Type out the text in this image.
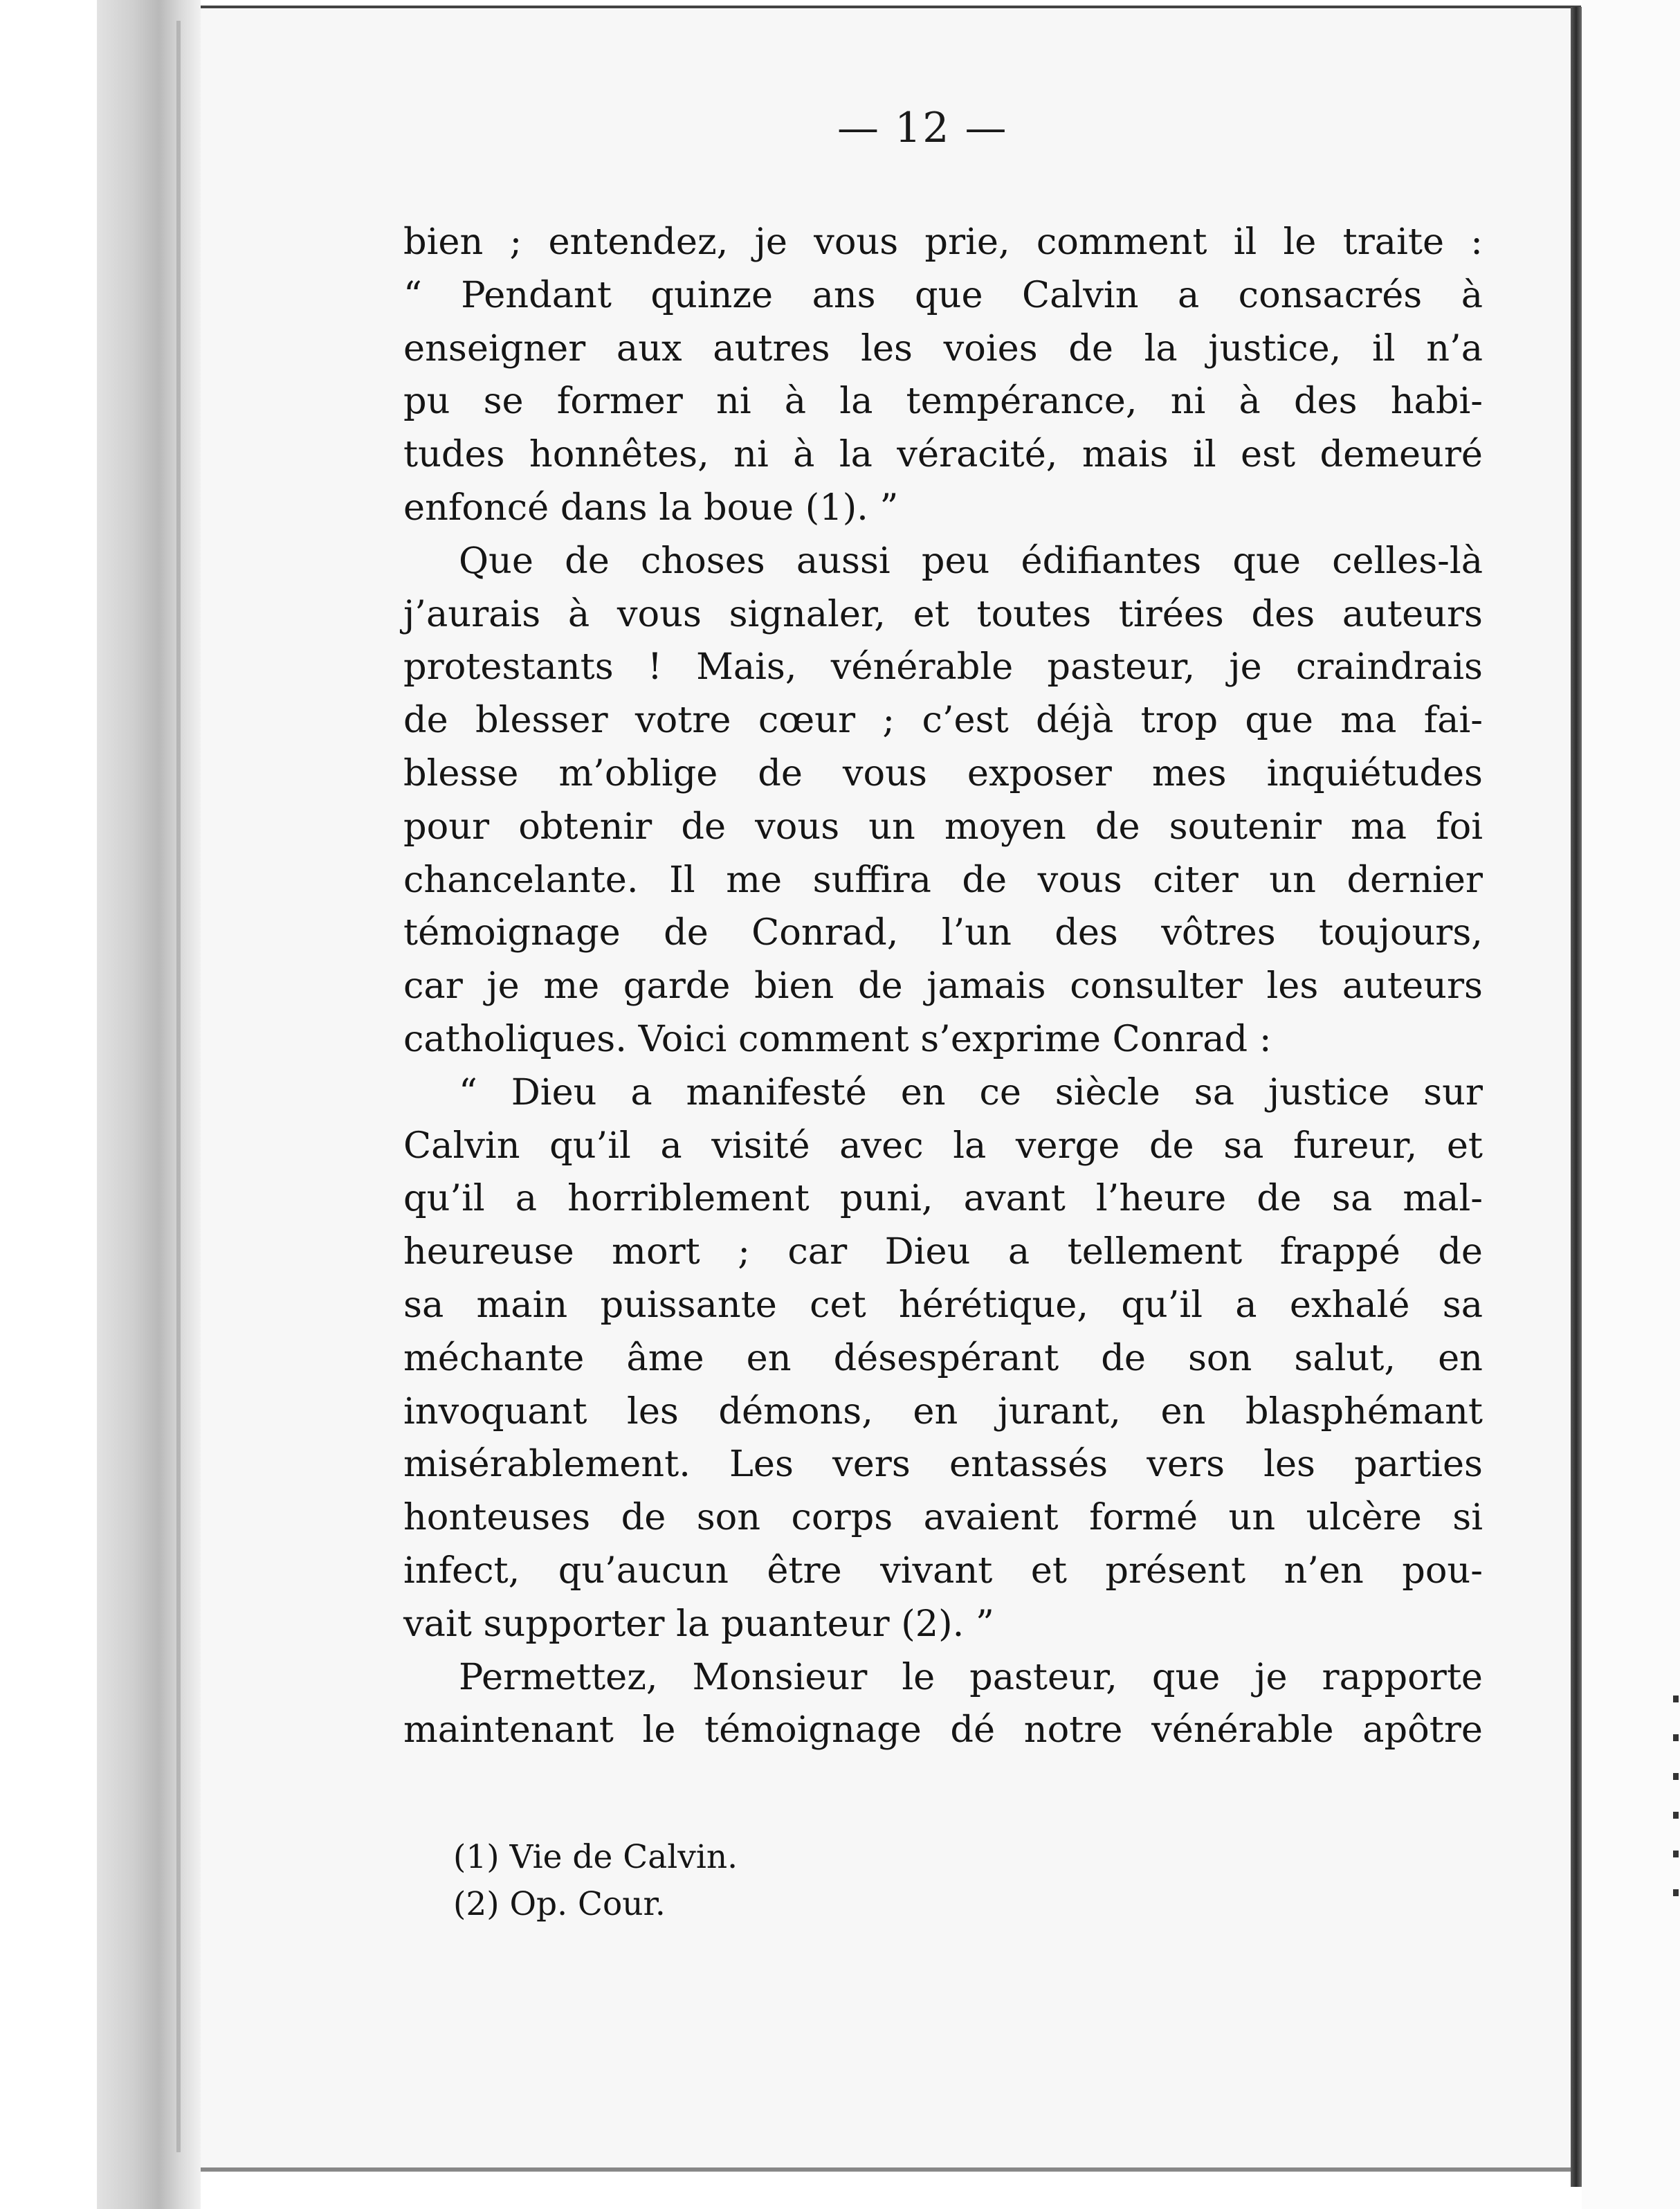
— 12 —
bien ; entendez, je vous prie, comment il le traite :
“ Pendant quinze ans que Calvin a consacrés à
enseigner aux autres les voies de la justice, il n’a
pu se former ni à la tempérance, ni à des habi-
tudes honnêtes, ni à la véracité, mais il est demeuré
enfoncé dans la boue (1). ”
Que de choses aussi peu édifiantes que celles-là
j’aurais à vous signaler, et toutes tirées des auteurs
protestants ! Mais, vénérable pasteur, je craindrais
de blesser votre cœur ; c’est déjà trop que ma fai-
blesse m’oblige de vous exposer mes inquiétudes
pour obtenir de vous un moyen de soutenir ma foi
chancelante. Il me suffira de vous citer un dernier
témoignage de Conrad, l’un des vôtres toujours,
car je me garde bien de jamais consulter les auteurs
catholiques. Voici comment s’exprime Conrad :
“ Dieu a manifesté en ce siècle sa justice sur
Calvin qu’il a visité avec la verge de sa fureur, et
qu’il a horriblement puni, avant l’heure de sa mal-
heureuse mort ; car Dieu a tellement frappé de
sa main puissante cet hérétique, qu’il a exhalé sa
méchante âme en désespérant de son salut, en
invoquant les démons, en jurant, en blasphémant
misérablement. Les vers entassés vers les parties
honteuses de son corps avaient formé un ulcère si
infect, qu’aucun être vivant et présent n’en pou-
vait supporter la puanteur (2). ”
Permettez, Monsieur le pasteur, que je rapporte
maintenant le témoignage dé notre vénérable apôtre
(1) Vie de Calvin.
(2) Op. Cour.
